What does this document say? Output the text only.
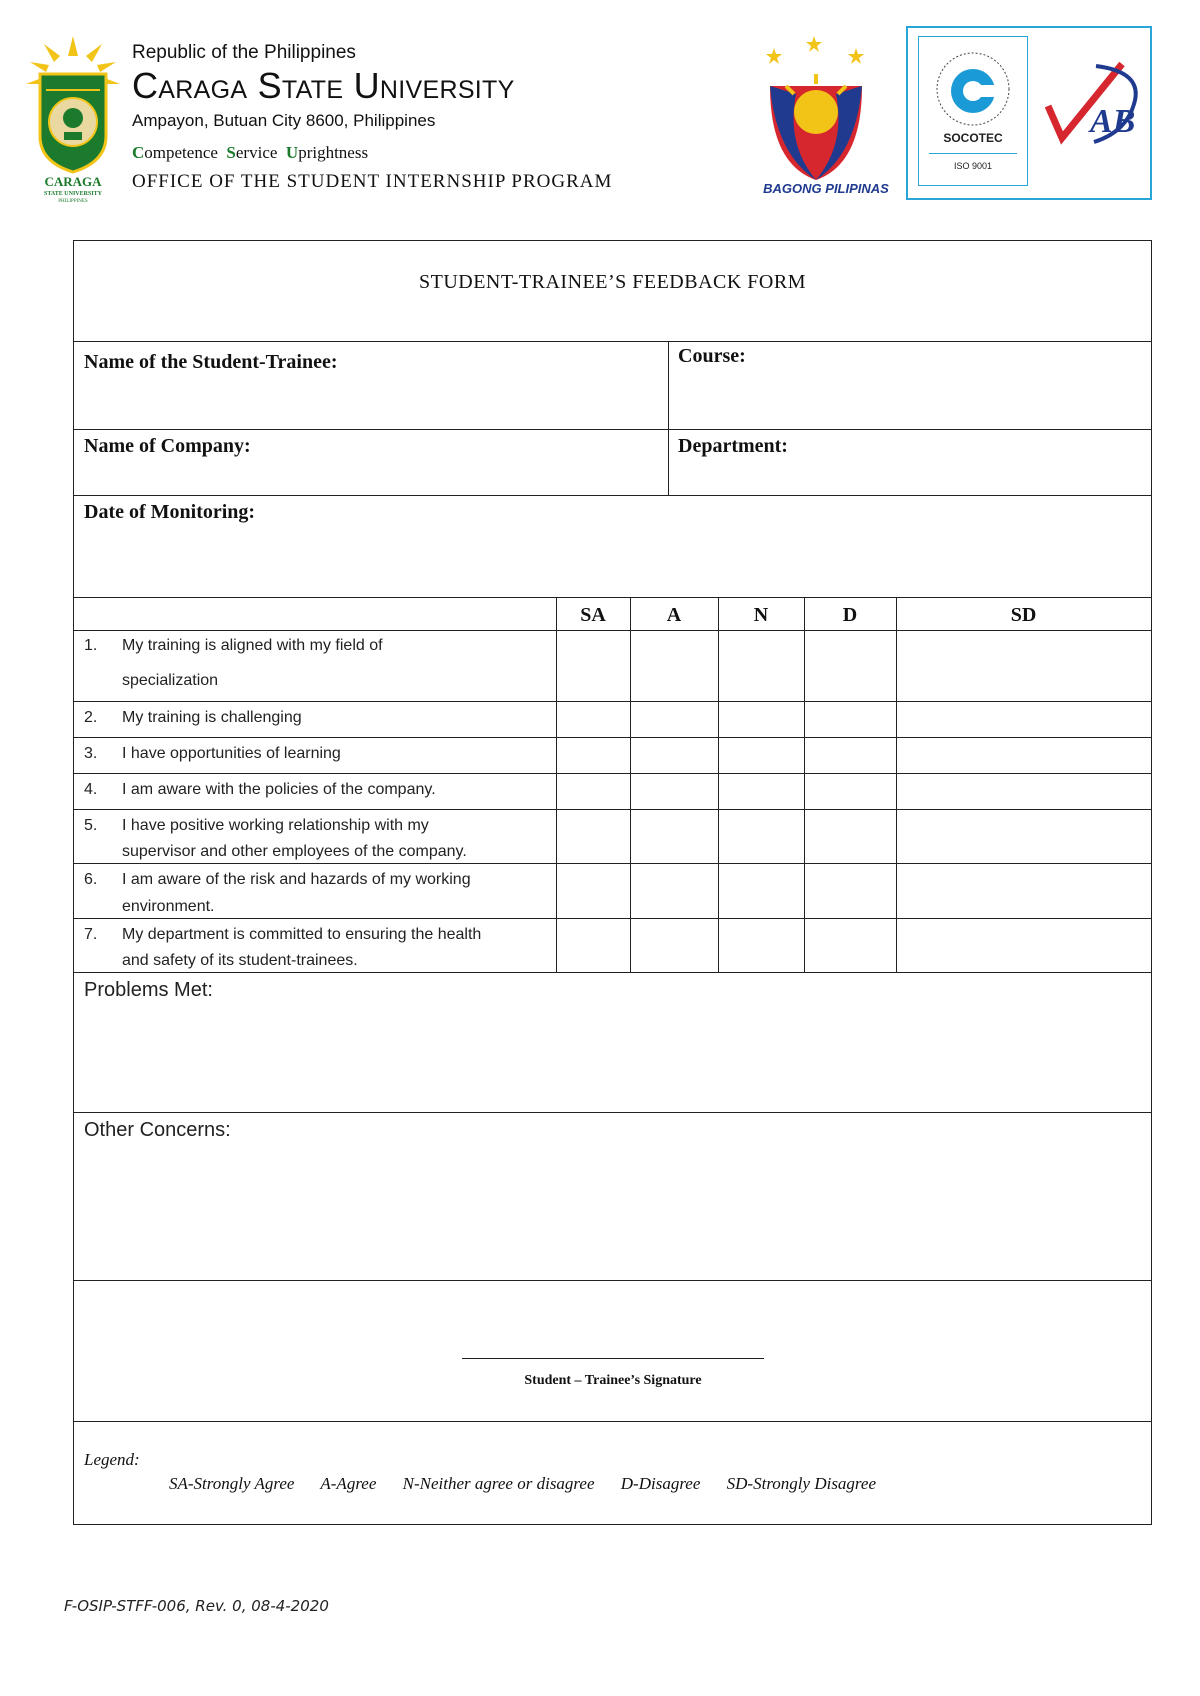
CARAGA
STATE UNIVERSITY
PHILIPPINES
Republic of the Philippines
Caraga State University
Ampayon, Butuan City 8600, Philippines
Competence Service Uprightness
OFFICE OF THE STUDENT INTERNSHIP PROGRAM	BAGONG PILIPINAS
SOCOTEC
ISO 9001
AB
STUDENT-TRAINEE’S FEEDBACK FORM
Name of the Student-Trainee:	Course:
Name of Company:	Department:
Date of Monitoring:
SA	A	N	D	SD
1. My training is aligned with my field of
specialization
2. My training is challenging
3. I have opportunities of learning
4. I am aware with the policies of the company.
5. I have positive working relationship with my
supervisor and other employees of the company.
6. I am aware of the risk and hazards of my working
environment.
7. My department is committed to ensuring the health
and safety of its student-trainees.
Problems Met:
Other Concerns:
Student – Trainee’s Signature
Legend:
SA-Strongly Agree A-Agree N-Neither agree or disagree D-Disagree SD-Strongly Disagree
F-OSIP-STFF-006, Rev. 0, 08-4-2020
